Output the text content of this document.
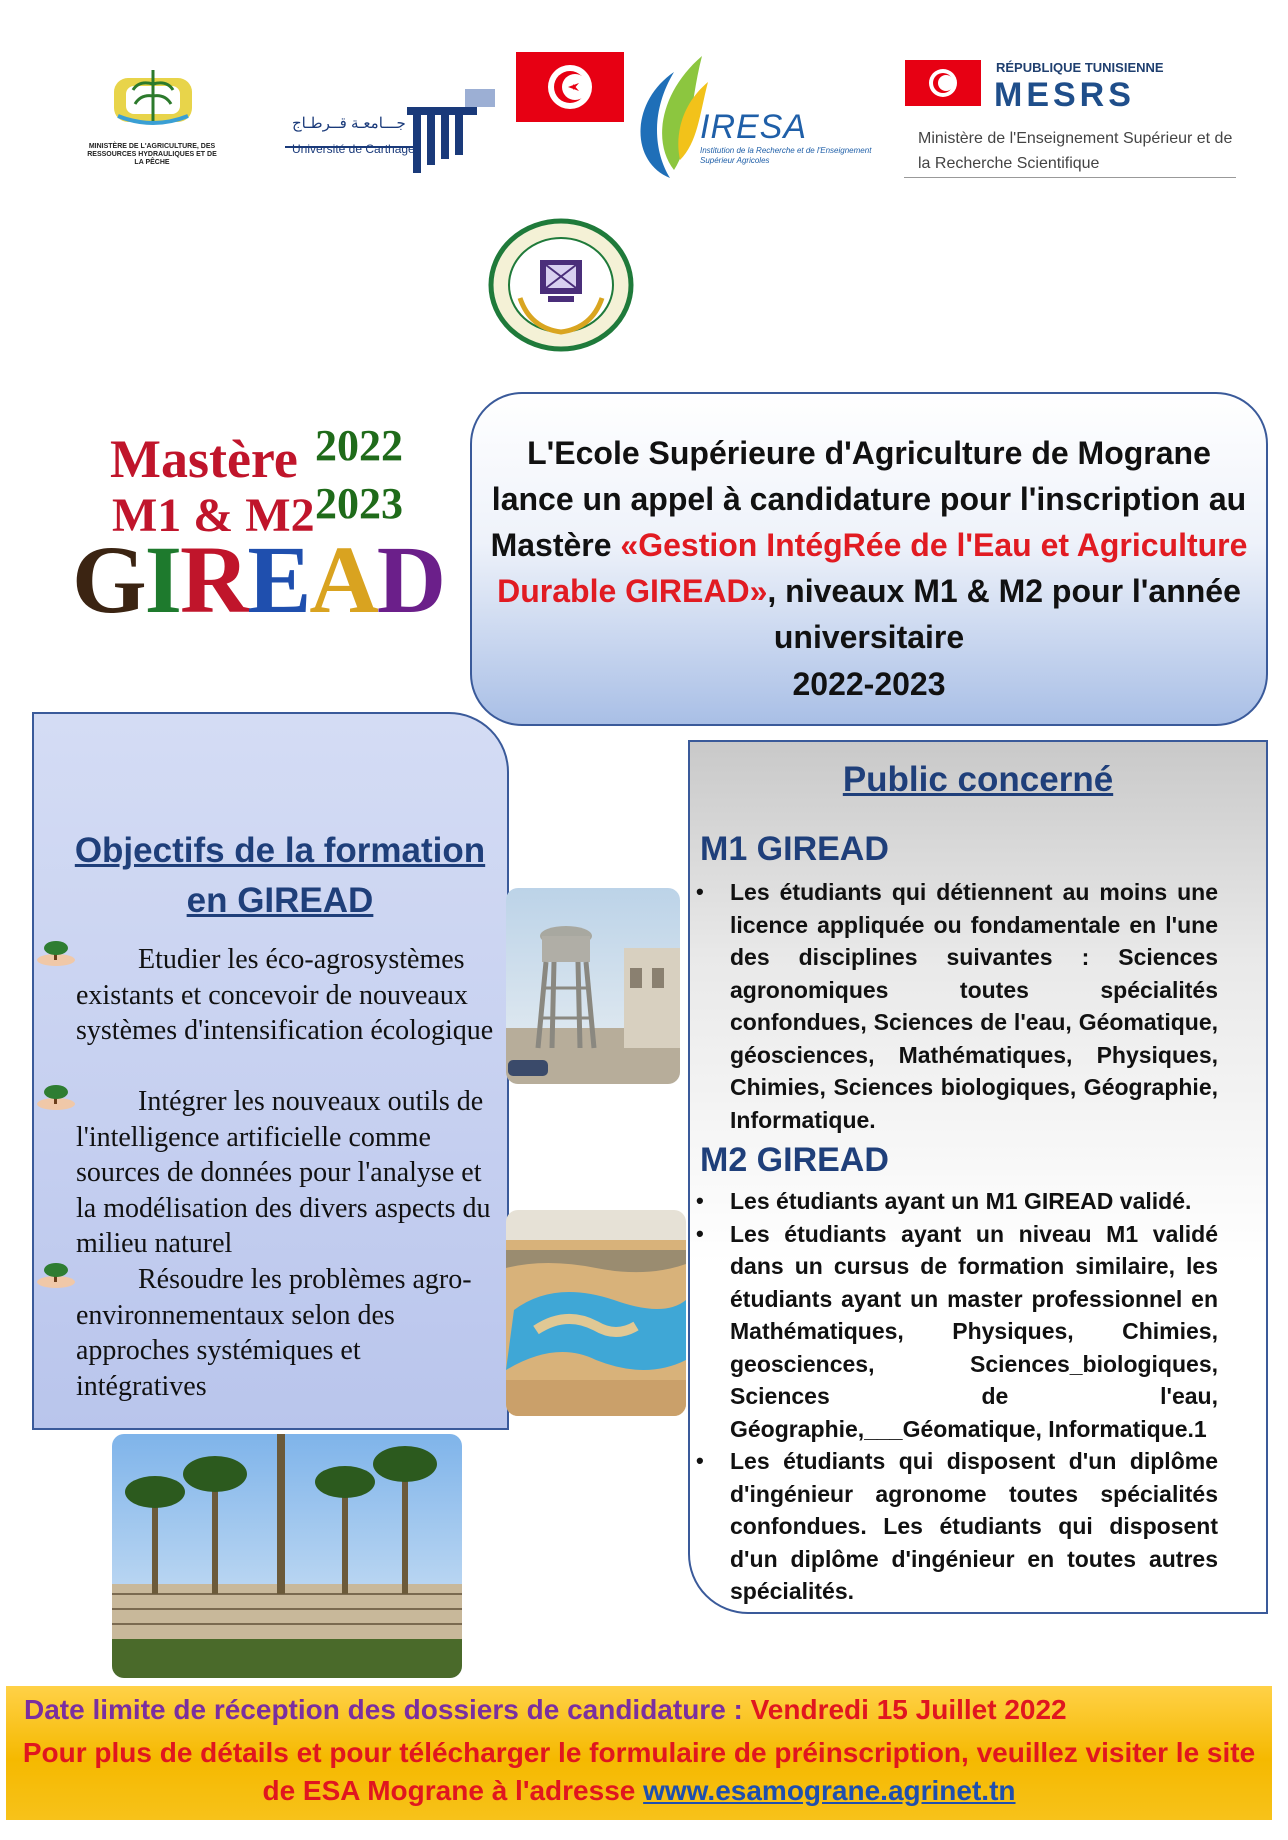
MINISTÈRE DE L'AGRICULTURE, DES RESSOURCES HYDRAULIQUES ET DE LA PÊCHE
جـــامعـة قــرطـاج
Université de Carthage
IRESA
Institution de la Recherche et de l'Enseignement Supérieur Agricoles
RÉPUBLIQUE TUNISIENNE
MESRS
Ministère de l'Enseignement Supérieur et de la Recherche Scientifique
Mastère
M1 & M2
2022
2023
GIREAD
L'Ecole Supérieure d'Agriculture de Mograne lance un appel à candidature pour l'inscription au Mastère «Gestion IntégRée de l'Eau et Agriculture Durable GIREAD», niveaux M1 & M2 pour l'année universitaire
2022-2023
Objectifs de la formation en GIREAD
Etudier les éco-agrosystèmes existants et concevoir de nouveaux systèmes d'intensification écologique
Intégrer les nouveaux outils de l'intelligence artificielle comme sources de données pour l'analyse et la modélisation des divers aspects du milieu naturel
Résoudre les problèmes agro-environnementaux selon des approches systémiques et intégratives
Public concerné
M1 GIREAD
• Les étudiants qui détiennent au moins une licence appliquée ou fondamentale en l'une des disciplines suivantes : Sciences agronomiques toutes spécialités confondues, Sciences de l'eau, Géomatique, géosciences, Mathématiques, Physiques, Chimies, Sciences biologiques, Géographie, Informatique.
M2 GIREAD
• Les étudiants ayant un M1 GIREAD validé.
• Les étudiants ayant un niveau M1 validé dans un cursus de formation similaire, les étudiants ayant un master professionnel en Mathématiques, Physiques, Chimies, geosciences, Sciences_biologiques, Sciences de l'eau, Géographie,___Géomatique, Informatique.1
• Les étudiants qui disposent d'un diplôme d'ingénieur agronome toutes spécialités confondues. Les étudiants qui disposent d'un diplôme d'ingénieur en toutes autres spécialités.
Date limite de réception des dossiers de candidature : Vendredi 15 Juillet 2022
Pour plus de détails et pour télécharger le formulaire de préinscription, veuillez visiter le site de ESA Mograne à l'adresse www.esamograne.agrinet.tn
